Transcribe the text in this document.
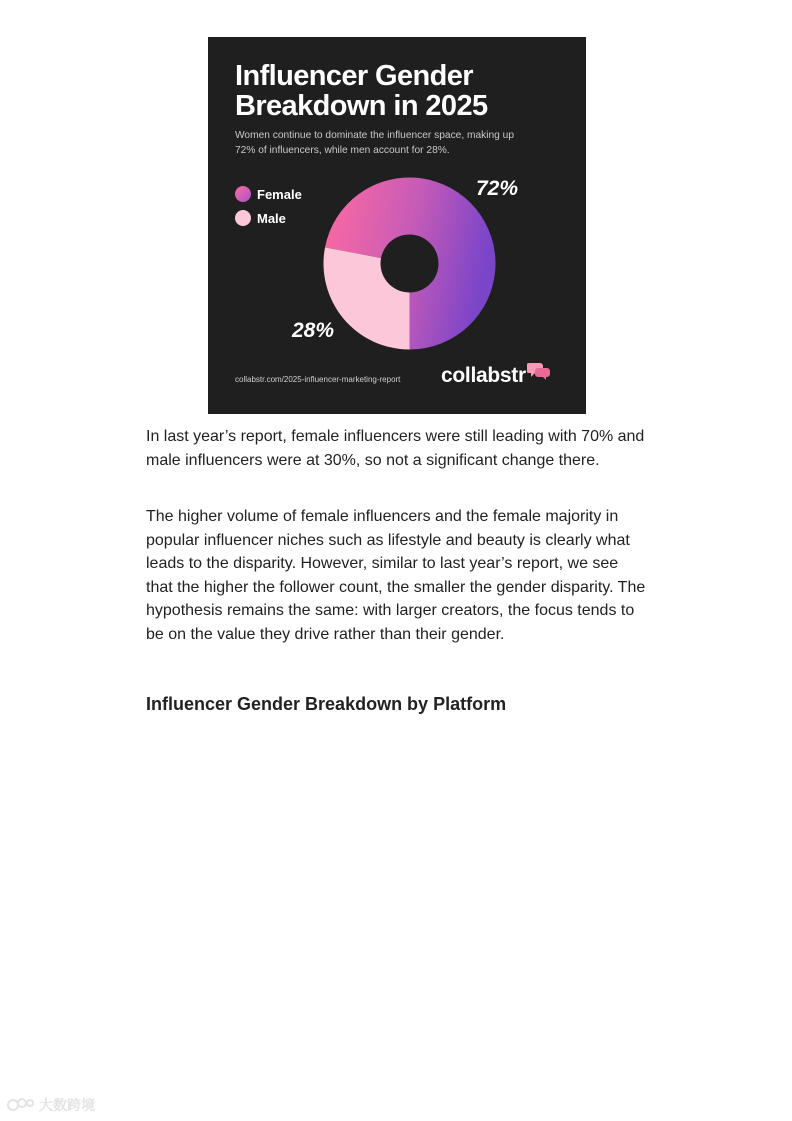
Influencer Gender
Breakdown in 2025

Women continue to dominate the influencer space, making up 72% of influencers, while men account for 28%.

Female
Male
72%
28%
collabstr.com/2025-influencer-marketing-report collabstr

In last year’s report, female influencers were still leading with 70% and male influencers were at 30%, so not a significant change there.

The higher volume of female influencers and the female majority in popular influencer niches such as lifestyle and beauty is clearly what leads to the disparity. However, similar to last year’s report, we see that the higher the follower count, the smaller the gender disparity. The hypothesis remains the same: with larger creators, the focus tends to be on the value they drive rather than their gender.

Influencer Gender Breakdown by Platform
大数跨境
